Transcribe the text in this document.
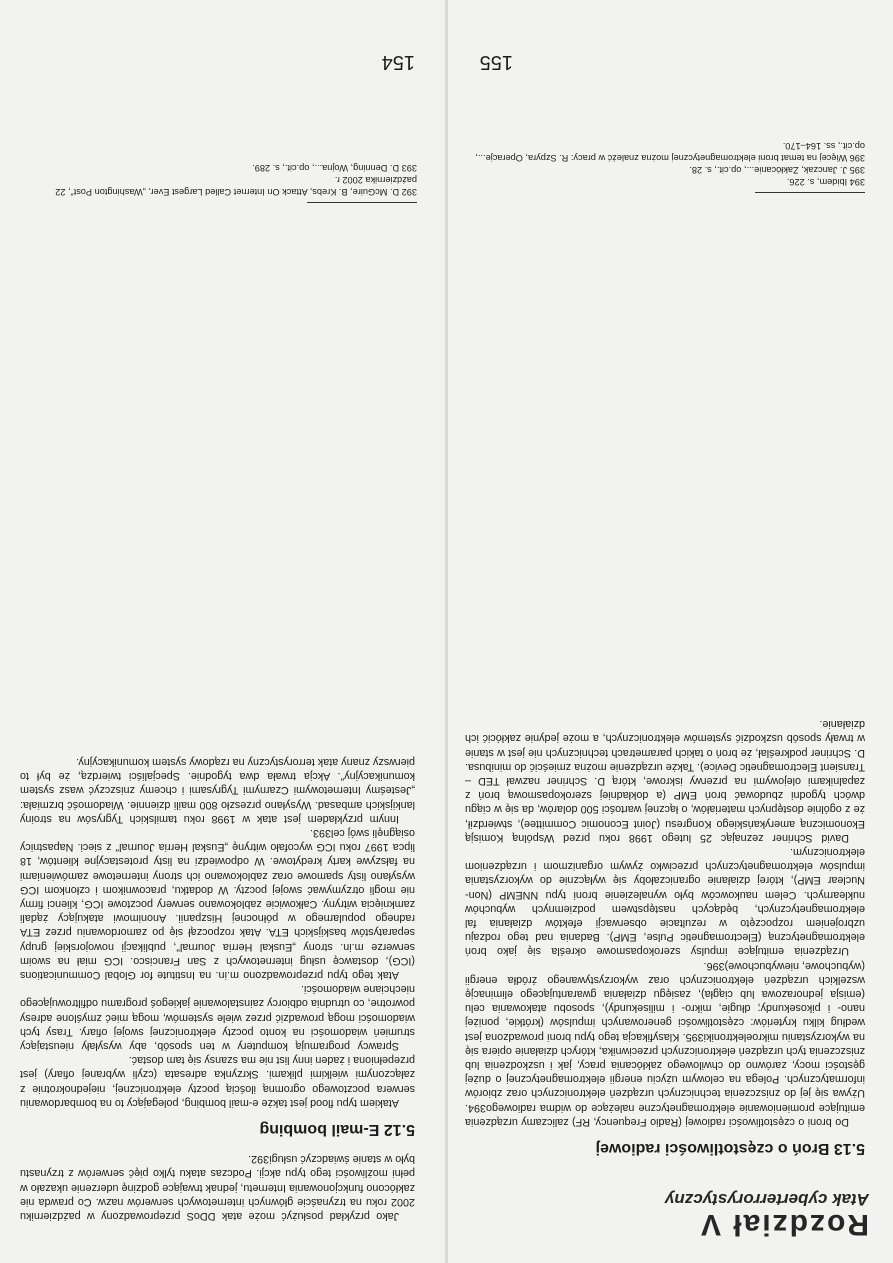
Rozdział V
Atak cyberterrorystyczny
5.13 Broń o częstotliwości radiowej

Do broni o częstotliwości radiowej (Radio Frequency, RF) zaliczamy urządzenia emitujące promieniowanie elektromagnetyczne należące do widma radiowego394. Używa się jej do zniszczenia technicznych urządzeń elektronicznych oraz zbiorów informatycznych. Polega na celowym użyciu energii elektromagnetycznej o dużej gęstości mocy, zarówno do chwilowego zakłócania pracy, jak i uszkodzenia lub zniszczenia tych urządzeń elektronicznych przeciwnika, których działanie opiera się na wykorzystaniu mikroelektroniki395. Klasyfikacja tego typu broni prowadzona jest według kilku kryteriów: częstotliwości generowanych impulsów (krótkie, poniżej nano- i pikosekundy; długie, mikro- i milisekundy), sposobu atakowania celu (emisja jednorazowa lub ciągła), zasięgu działania gwarantującego eliminację wszelkich urządzeń elektronicznych oraz wykorzystywanego źródła energii (wybuchowe, niewybuchowe)396.

Urządzenia emitujące impulsy szerokopasmowe określa się jako broń elektromagnetyczną (Electromagnetic Pulse, EMP). Badania nad tego rodzaju uzbrojeniem rozpoczęto w rezultacie obserwacji efektów działania fal elektromagnetycznych, będących następstwem podziemnych wybuchów nuklearnych. Celem naukowców było wynalezienie broni typu NNEMP (Non-Nuclear EMP), której działanie ograniczałoby się wyłącznie do wykorzystania impulsów elektromagnetycznych przeciwko żywym organizmom i urządzeniom elektronicznym.

David Schriner zeznając 25 lutego 1998 roku przed Wspólną Komisją Ekonomiczną amerykańskiego Kongresu (Joint Economic Committee), stwierdził, że z ogólnie dostępnych materiałów, o łącznej wartości 500 dolarów, da się w ciągu dwóch tygodni zbudować broń EMP (a dokładniej szerokopasmową broń z zapalnikami olejowymi na przerwy iskrowe, którą D. Schriner nazwał TED – Transient Electromagnetic Device). Także urządzenie można zmieścić do minibusa. D. Schriner podkreślał, że broń o takich parametrach technicznych nie jest w stanie w trwały sposób uszkodzić systemów elektronicznych, a może jedynie zakłócić ich działanie.

394 Ibidem, s. 226.

395 J. Janczak, Zakłócanie..., op.cit., s. 28.

396 Więcej na temat broni elektromagnetycznej można znaleźć w pracy: R. Szpyra, Operacje..., op.cit., ss. 164–170.

155

Jako przykład posłużyć może atak DDoS przeprowadzony w październiku 2002 roku na trzynaście głównych internetowych serwerów nazw. Co prawda nie zakłócono funkcjonowania Internetu, jednak trwające godzinę uderzenie ukazało w pełni możliwości tego typu akcji. Podczas ataku tylko pięć serwerów z trzynastu było w stanie świadczyć usługi392.

5.12 E-mail bombing

Atakiem typu flood jest także e-mail bombing, polegający to na bombardowaniu serwera pocztowego ogromną ilością poczty elektronicznej, niejednokrotnie z załączonymi wielkimi plikami. Skrzynka adresata (czyli wybranej ofiary) jest przepełniona i żaden inny list nie ma szansy się tam dostać.

Sprawcy programują komputery w ten sposób, aby wysyłały nieustający strumień wiadomości na konto poczty elektronicznej swojej ofiary. Trasy tych wiadomości mogą prowadzić przez wiele systemów, mogą mieć zmyślone adresy powrotne, co utrudnia odbiorcy zainstalowanie jakiegoś programu odfiltrowującego niechciane wiadomości.

Atak tego typu przeprowadzono m.in. na Institute for Global Communications (ICG), dostawcę usług internetowych z San Francisco. ICG miał na swoim serwerze m.in. strony „Euskal Herria Journal”, publikacji nowojorskiej grupy separatystów baskijskich ETA. Atak rozpoczął się po zamordowaniu przez ETA radnego popularnego w północnej Hiszpanii. Anonimowi atakujący żądali zamknięcia witryny. Całkowicie zablokowano serwery pocztowe ICG, klienci firmy nie mogli otrzymywać swojej poczty. W dodatku, pracownikom i członkom ICG wysyłano listy spamowe oraz zablokowano ich strony internetowe zamówieniami na fałszywe karty kredytowe. W odpowiedzi na listy protestacyjne klientów, 18 lipca 1997 roku ICG wycofało witrynę „Euskal Herria Journal” z sieci. Napastnicy osiągnęli swój cel393.

Innym przykładem jest atak w 1998 roku tamilskich Tygrysów na stroiny lankijskich ambasad. Wysyłano przeszło 800 maili dziennie. Wiadomość brzmiała: „Jesteśmy Internetowymi Czarnymi Tygrysami i chcemy zniszczyć wasz system komunikacyjny”. Akcja trwała dwa tygodnie. Specjaliści twierdzą, że był to pierwszy znany atak terrorystyczny na rządowy system komunikacyjny.

392 D. McGuire, B. Krebs, Attack On Internet Called Largest Ever, „Washington Post”, 22 października 2002 r.

393 D. Denning, Wojna..., op.cit., s. 289.

154
